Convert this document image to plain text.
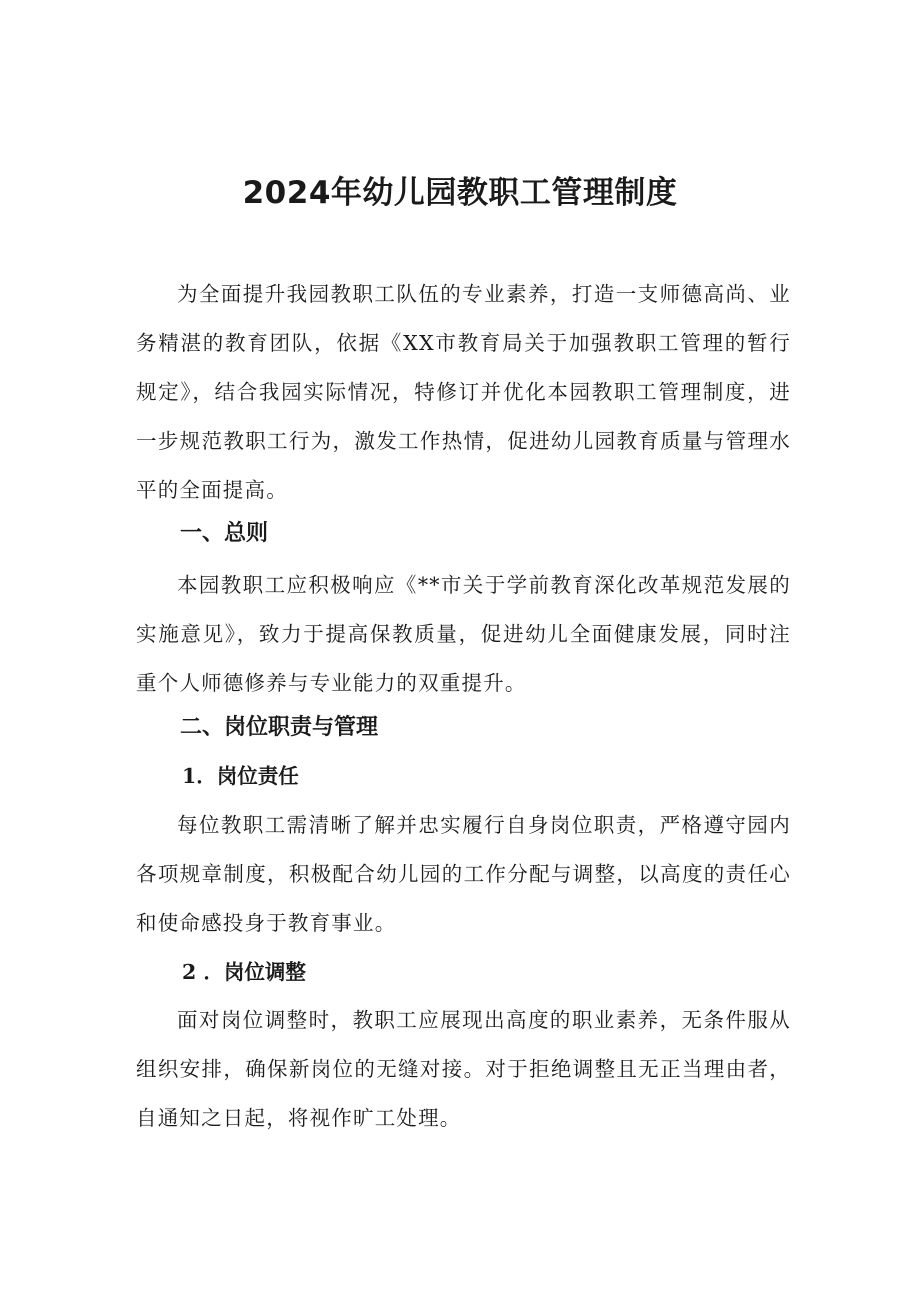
2024年幼儿园教职工管理制度

为全面提升我园教职工队伍的专业素养，打造一支师德高尚、业务精湛的教育团队，依据《XX市教育局关于加强教职工管理的暂行规定》，结合我园实际情况，特修订并优化本园教职工管理制度，进一步规范教职工行为，激发工作热情，促进幼儿园教育质量与管理水平的全面提高。

一、总则

本园教职工应积极响应《**市关于学前教育深化改革规范发展的实施意见》，致力于提高保教质量，促进幼儿全面健康发展，同时注重个人师德修养与专业能力的双重提升。

二、岗位职责与管理
1．岗位责任

每位教职工需清晰了解并忠实履行自身岗位职责，严格遵守园内各项规章制度，积极配合幼儿园的工作分配与调整，以高度的责任心和使命感投身于教育事业。

2 ．岗位调整

面对岗位调整时，教职工应展现出高度的职业素养，无条件服从组织安排，确保新岗位的无缝对接。对于拒绝调整且无正当理由者，自通知之日起，将视作旷工处理。
